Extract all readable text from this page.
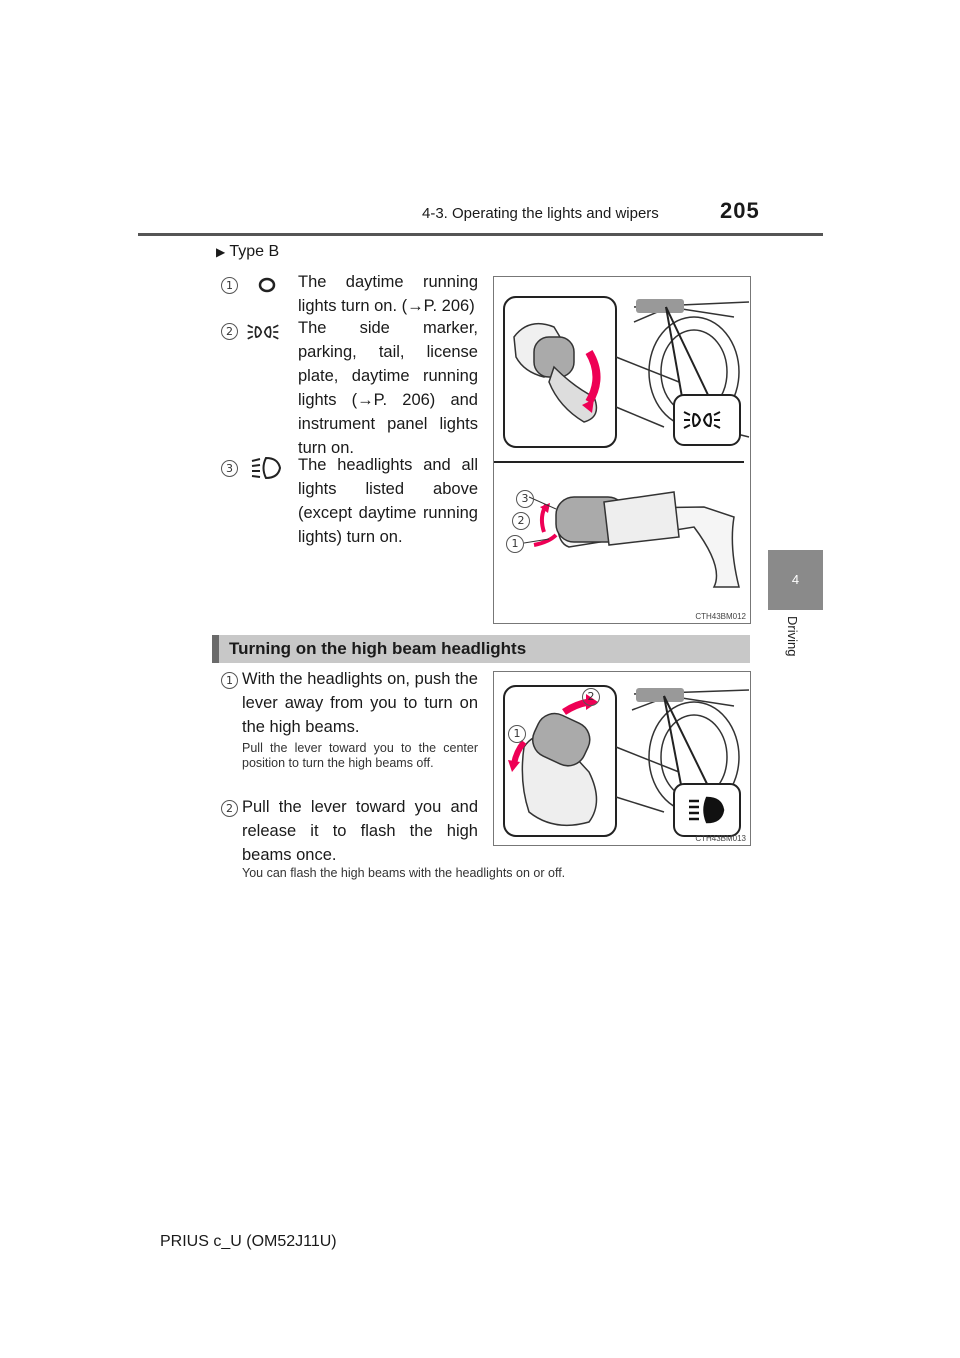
4-3. Operating the lights and wipers	205
4
Driving
▶ Type B
1	The daytime running lights turn on. (→P. 206)
2	The side marker, parking, tail, license plate, daytime running lights (→P. 206) and instrument panel lights turn on.
3	The headlights and all lights listed above (except daytime running lights) turn on.
3
2
1
CTH43BM012
Turning on the high beam headlights
1 With the headlights on, push the lever away from you to turn on the high beams.
Pull the lever toward you to the center position to turn the high beams off.
2 Pull the lever toward you and release it to flash the high beams once.
You can flash the high beams with the headlights on or off.
2
1
CTH43BM013
PRIUS c_U (OM52J11U)
